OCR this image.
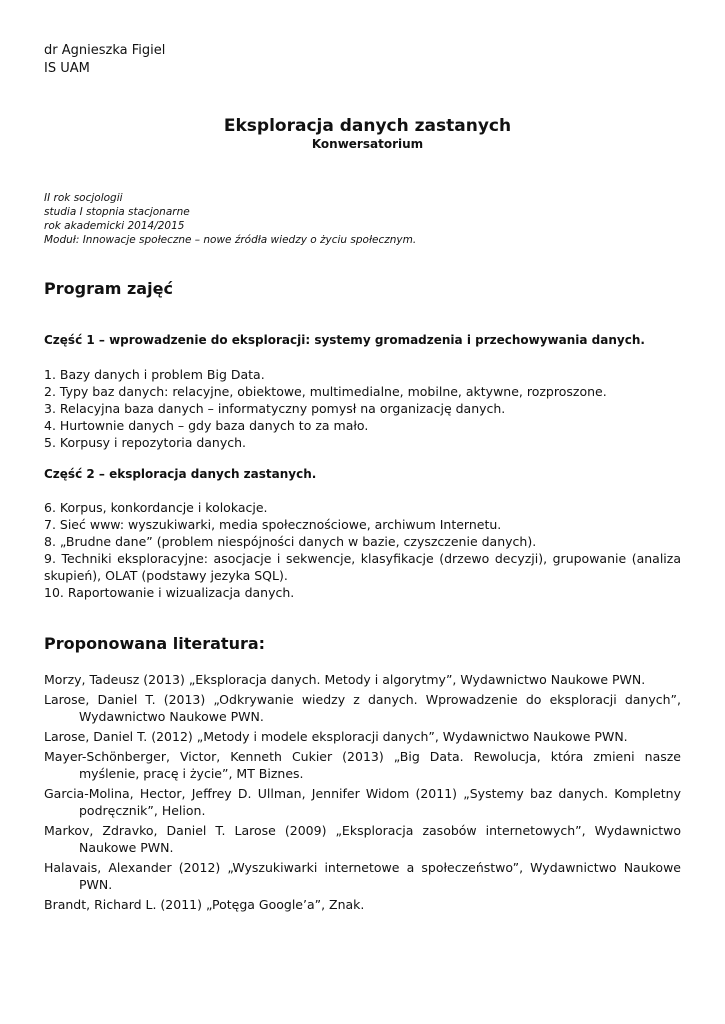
dr Agnieszka Figiel
IS UAM
Eksploracja danych zastanych
Konwersatorium
II rok socjologii
studia I stopnia stacjonarne
rok akademicki 2014/2015
Moduł: Innowacje społeczne – nowe źródła wiedzy o życiu społecznym.
Program zajęć
Część 1 – wprowadzenie do eksploracji: systemy gromadzenia i przechowywania danych.
1. Bazy danych i problem Big Data.
2. Typy baz danych: relacyjne, obiektowe, multimedialne, mobilne, aktywne, rozproszone.
3. Relacyjna baza danych – informatyczny pomysł na organizację danych.
4. Hurtownie danych – gdy baza danych to za mało.
5. Korpusy i repozytoria danych.
Część 2 – eksploracja danych zastanych.
6. Korpus, konkordancje i kolokacje.
7. Sieć www: wyszukiwarki, media społecznościowe, archiwum Internetu.
8. „Brudne dane” (problem niespójności danych w bazie, czyszczenie danych).
9. Techniki eksploracyjne: asocjacje i sekwencje, klasyfikacje (drzewo decyzji), grupowanie (analiza skupień), OLAT (podstawy jezyka SQL).
10. Raportowanie i wizualizacja danych.
Proponowana literatura:
Morzy, Tadeusz (2013) „Eksploracja danych. Metody i algorytmy”, Wydawnictwo Naukowe PWN.
Larose, Daniel T. (2013) „Odkrywanie wiedzy z danych. Wprowadzenie do eksploracji danych”, Wydawnictwo Naukowe PWN.
Larose, Daniel T. (2012) „Metody i modele eksploracji danych”, Wydawnictwo Naukowe PWN.
Mayer-Schönberger, Victor, Kenneth Cukier (2013) „Big Data. Rewolucja, która zmieni nasze myślenie, pracę i życie”, MT Biznes.
Garcia-Molina, Hector, Jeffrey D. Ullman, Jennifer Widom (2011) „Systemy baz danych. Kompletny podręcznik”, Helion.
Markov, Zdravko, Daniel T. Larose (2009) „Eksploracja zasobów internetowych”, Wydawnictwo Naukowe PWN.
Halavais, Alexander (2012) „Wyszukiwarki internetowe a społeczeństwo”, Wydawnictwo Naukowe PWN.
Brandt, Richard L. (2011) „Potęga Google’a”, Znak.
